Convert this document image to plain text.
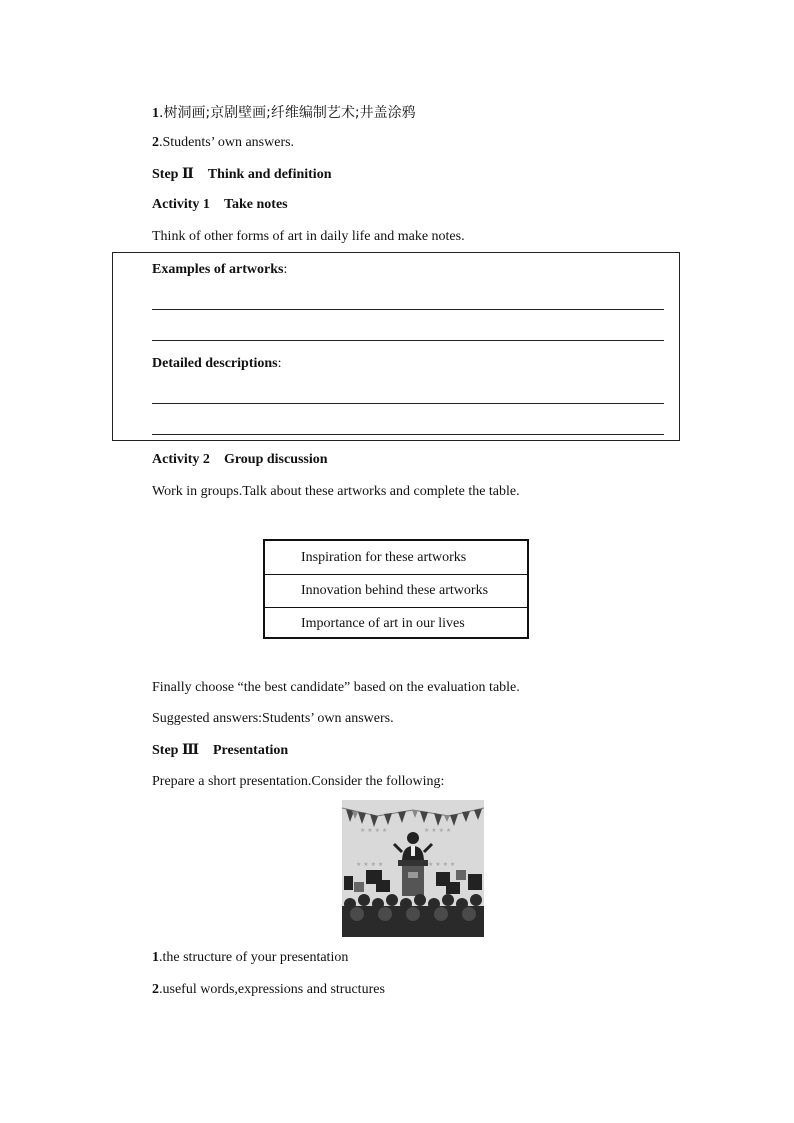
1.树洞画;京剧壁画;纤维编制艺术;井盖涂鸦
2.Students’ own answers.
Step Ⅱ Think and definition
Activity 1 Take notes
Think of other forms of art in daily life and make notes.
Examples of artworks:
Detailed descriptions:
Activity 2 Group discussion
Work in groups.Talk about these artworks and complete the table.
Inspiration for these artworks
Innovation behind these artworks
Importance of art in our lives
Finally choose “the best candidate” based on the evaluation table.
Suggested answers:Students’ own answers.
Step Ⅲ Presentation
Prepare a short presentation.Consider the following:
★ ★ ★ ★	★ ★ ★ ★
★ ★ ★ ★	★ ★ ★ ★
1.the structure of your presentation
2.useful words,expressions and structures
